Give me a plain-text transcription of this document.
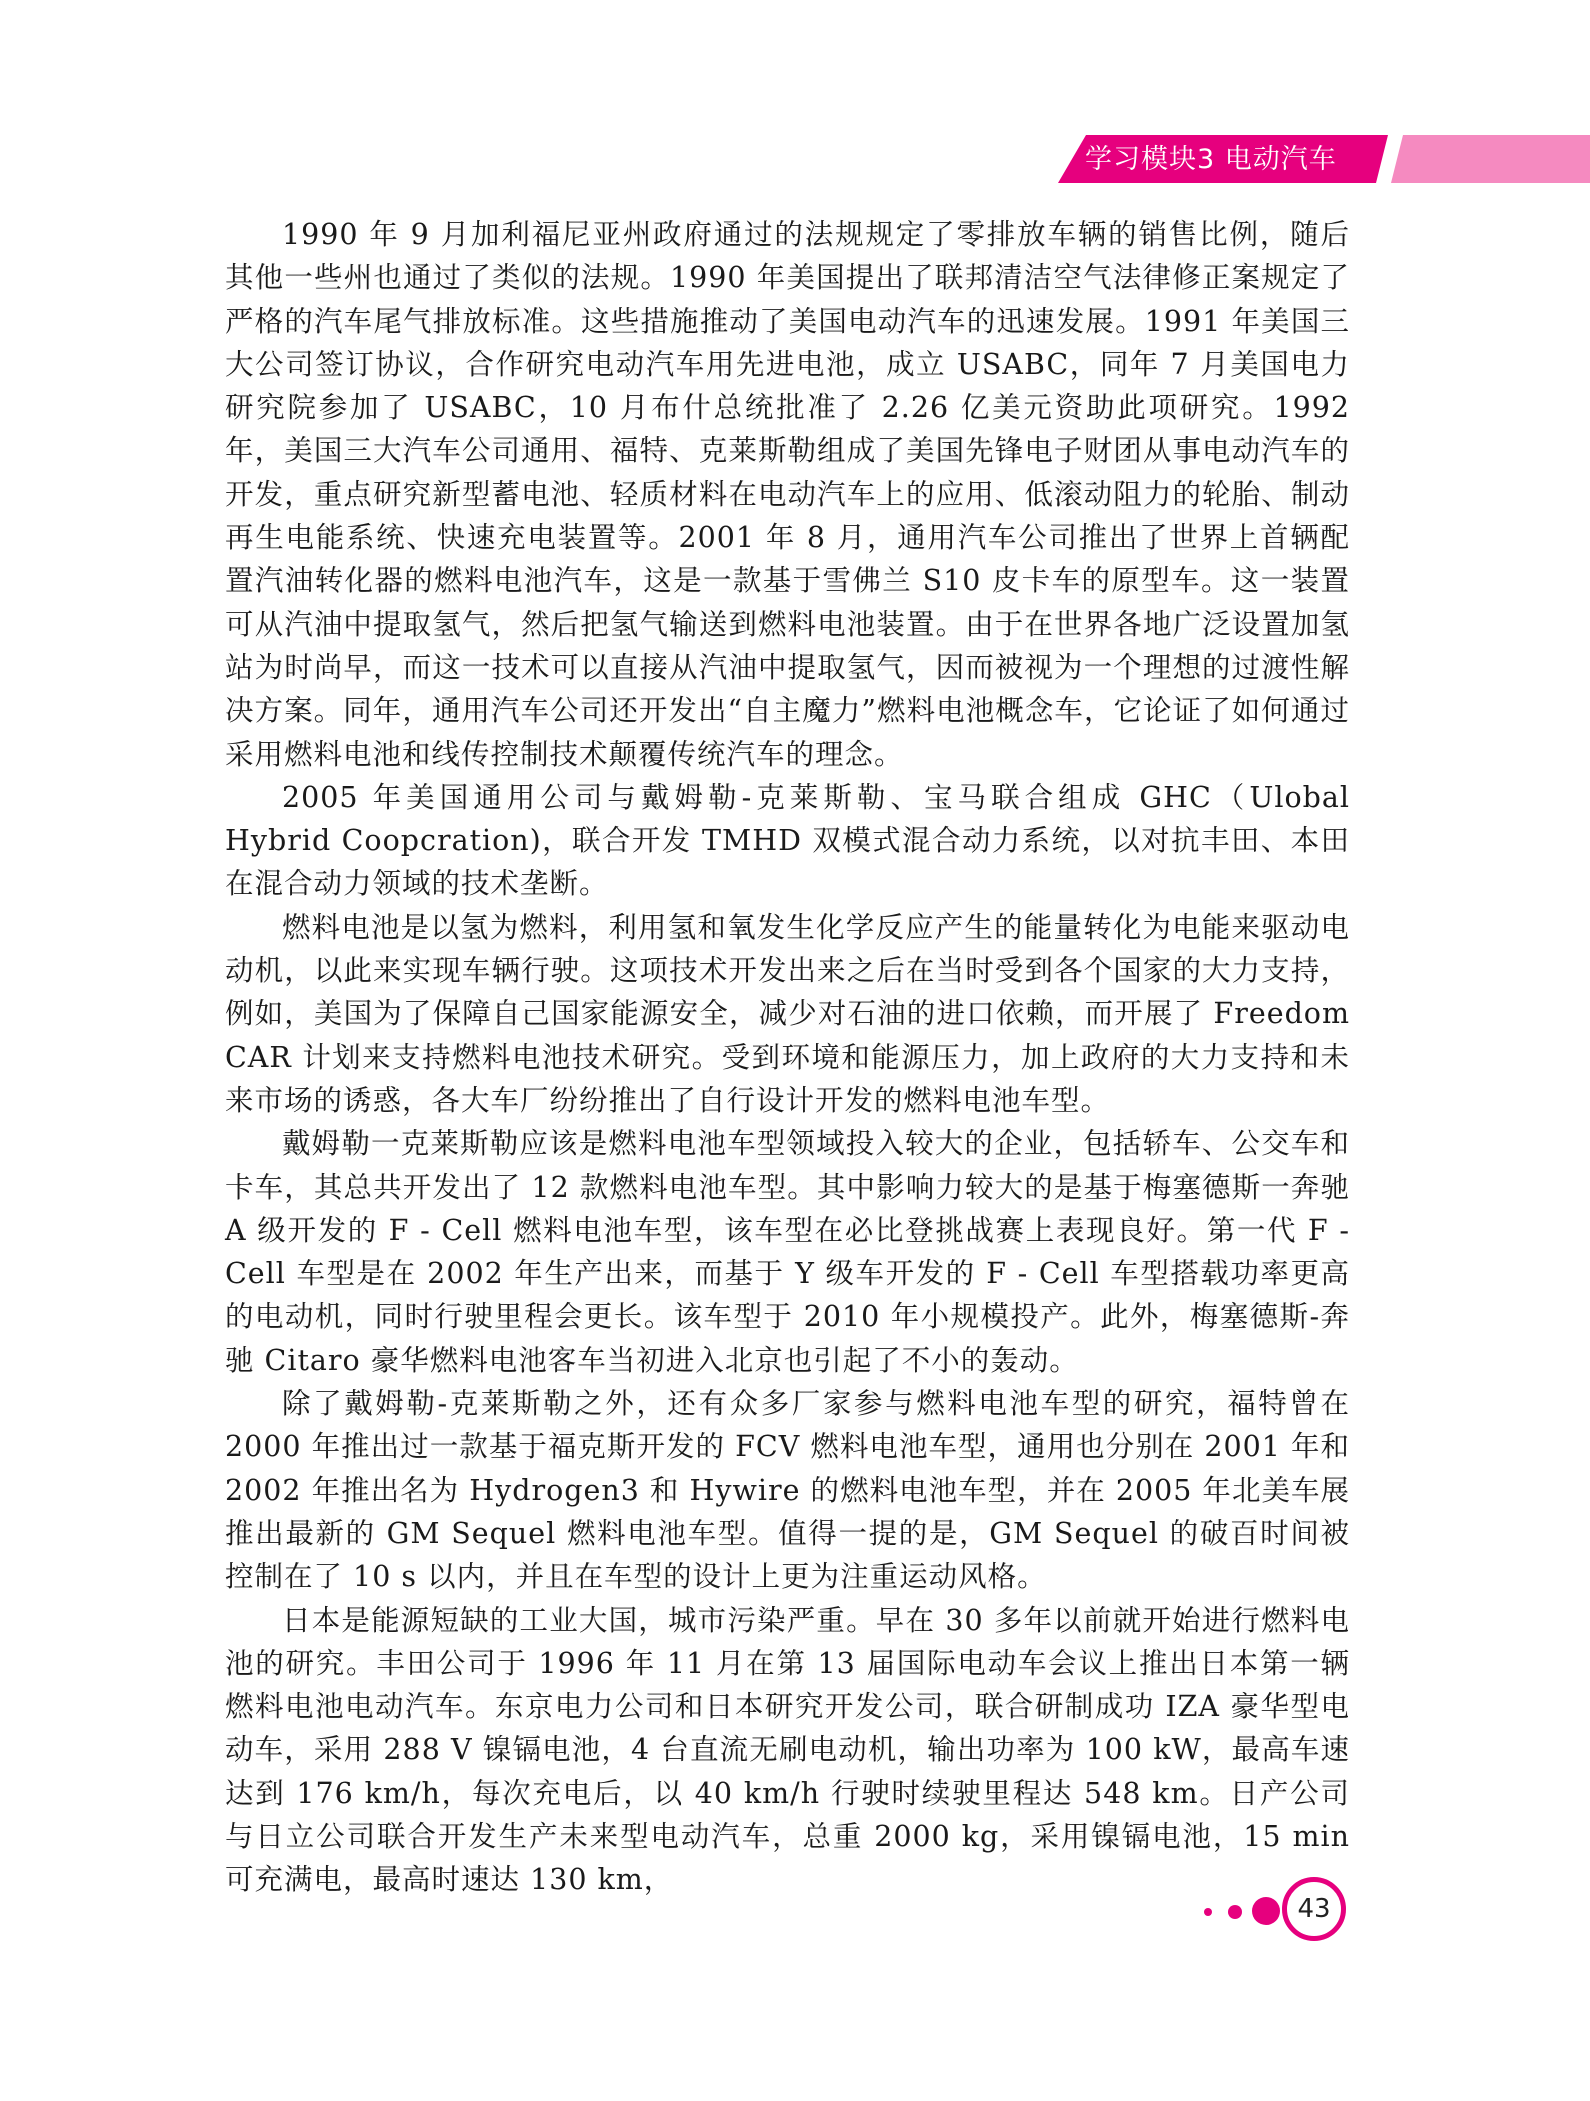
学习模块3 电动汽车

1990 年 9 月加利福尼亚州政府通过的法规规定了零排放车辆的销售比例，随后其他一些州也通过了类似的法规。1990 年美国提出了联邦清洁空气法律修正案规定了严格的汽车尾气排放标准。这些措施推动了美国电动汽车的迅速发展。1991 年美国三大公司签订协议，合作研究电动汽车用先进电池，成立 USABC，同年 7 月美国电力研究院参加了 USABC，10 月布什总统批准了 2.26 亿美元资助此项研究。1992 年，美国三大汽车公司通用、福特、克莱斯勒组成了美国先锋电子财团从事电动汽车的开发，重点研究新型蓄电池、轻质材料在电动汽车上的应用、低滚动阻力的轮胎、制动再生电能系统、快速充电装置等。2001 年 8 月，通用汽车公司推出了世界上首辆配置汽油转化器的燃料电池汽车，这是一款基于雪佛兰 S10 皮卡车的原型车。这一装置可从汽油中提取氢气，然后把氢气输送到燃料电池装置。由于在世界各地广泛设置加氢站为时尚早，而这一技术可以直接从汽油中提取氢气，因而被视为一个理想的过渡性解决方案。同年，通用汽车公司还开发出“自主魔力”燃料电池概念车，它论证了如何通过采用燃料电池和线传控制技术颠覆传统汽车的理念。

2005 年美国通用公司与戴姆勒-克莱斯勒、宝马联合组成 GHC（Ulobal Hybrid Coopcration)，联合开发 TMHD 双模式混合动力系统，以对抗丰田、本田在混合动力领域的技术垄断。

燃料电池是以氢为燃料，利用氢和氧发生化学反应产生的能量转化为电能来驱动电动机，以此来实现车辆行驶。这项技术开发出来之后在当时受到各个国家的大力支持，例如，美国为了保障自己国家能源安全，减少对石油的进口依赖，而开展了 Freedom CAR 计划来支持燃料电池技术研究。受到环境和能源压力，加上政府的大力支持和未来市场的诱惑，各大车厂纷纷推出了自行设计开发的燃料电池车型。

戴姆勒一克莱斯勒应该是燃料电池车型领域投入较大的企业，包括轿车、公交车和卡车，其总共开发出了 12 款燃料电池车型。其中影响力较大的是基于梅塞德斯一奔驰 A 级开发的 F - Cell 燃料电池车型，该车型在必比登挑战赛上表现良好。第一代 F - Cell 车型是在 2002 年生产出来，而基于 Y 级车开发的 F - Cell 车型搭载功率更高的电动机，同时行驶里程会更长。该车型于 2010 年小规模投产。此外，梅塞德斯-奔驰 Citaro 豪华燃料电池客车当初进入北京也引起了不小的轰动。

除了戴姆勒-克莱斯勒之外，还有众多厂家参与燃料电池车型的研究，福特曾在 2000 年推出过一款基于福克斯开发的 FCV 燃料电池车型，通用也分别在 2001 年和 2002 年推出名为 Hydrogen3 和 Hywire 的燃料电池车型，并在 2005 年北美车展推出最新的 GM Sequel 燃料电池车型。值得一提的是，GM Sequel 的破百时间被控制在了 10 s 以内，并且在车型的设计上更为注重运动风格。

日本是能源短缺的工业大国，城市污染严重。早在 30 多年以前就开始进行燃料电池的研究。丰田公司于 1996 年 11 月在第 13 届国际电动车会议上推出日本第一辆燃料电池电动汽车。东京电力公司和日本研究开发公司，联合研制成功 IZA 豪华型电动车，采用 288 V 镍镉电池，4 台直流无刷电动机，输出功率为 100 kW，最高车速达到 176 km/h，每次充电后，以 40 km/h 行驶时续驶里程达 548 km。日产公司与日立公司联合开发生产未来型电动汽车，总重 2000 kg，采用镍镉电池，15 min 可充满电，最高时速达 130 km，

43
